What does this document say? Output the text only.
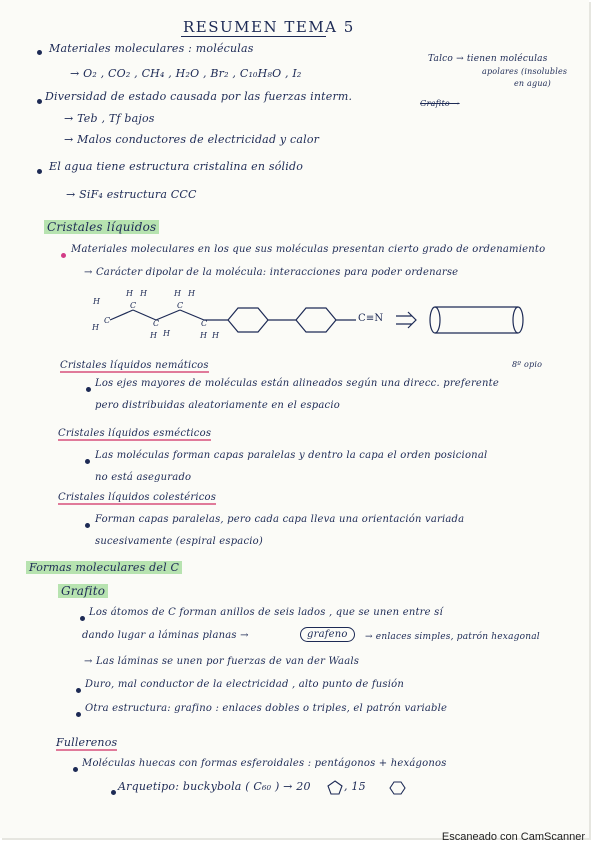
RESUMEN TEMA 5
Materiales moleculares : moléculas
→ O₂ , CO₂ , CH₄ , H₂O , Br₂ , C₁₀H₈O , I₂
Talco → tienen moléculas
apolares (insolubles
en agua)
Grafito →
Diversidad de estado causada por las fuerzas interm.
→ Teb , Tf bajos
→ Malos conductores de electricidad y calor
El agua tiene estructura cristalina en sólido
→ SiF₄ estructura CCC
Cristales líquidos
Materiales moleculares en los que sus moléculas presentan cierto grado de ordenamiento
→ Carácter dipolar de la molécula: interacciones para poder ordenarse
H
H
C
C
H H
C
H H
C
H H
C
H H
C≡N
Cristales líquidos nemáticos	8º opio
Los ejes mayores de moléculas están alineados según una direcc. preferente
pero distribuidas aleatoriamente en el espacio
Cristales líquidos esmécticos
Las moléculas forman capas paralelas y dentro la capa el orden posicional
no está asegurado
Cristales líquidos colestéricos
Forman capas paralelas, pero cada capa lleva una orientación variada
sucesivamente (espiral espacio)
Formas moleculares del C
Grafito
Los átomos de C forman anillos de seis lados , que se unen entre sí
dando lugar a láminas planas →	grafeno	→ enlaces simples, patrón hexagonal
→ Las láminas se unen por fuerzas de van der Waals
Duro, mal conductor de la electricidad , alto punto de fusión
Otra estructura: grafino : enlaces dobles o triples, el patrón variable
Fullerenos
Moléculas huecas con formas esferoidales : pentágonos + hexágonos
Arquetipo: buckybola ( C₆₀ ) → 20	, 15
Escaneado con CamScanner
